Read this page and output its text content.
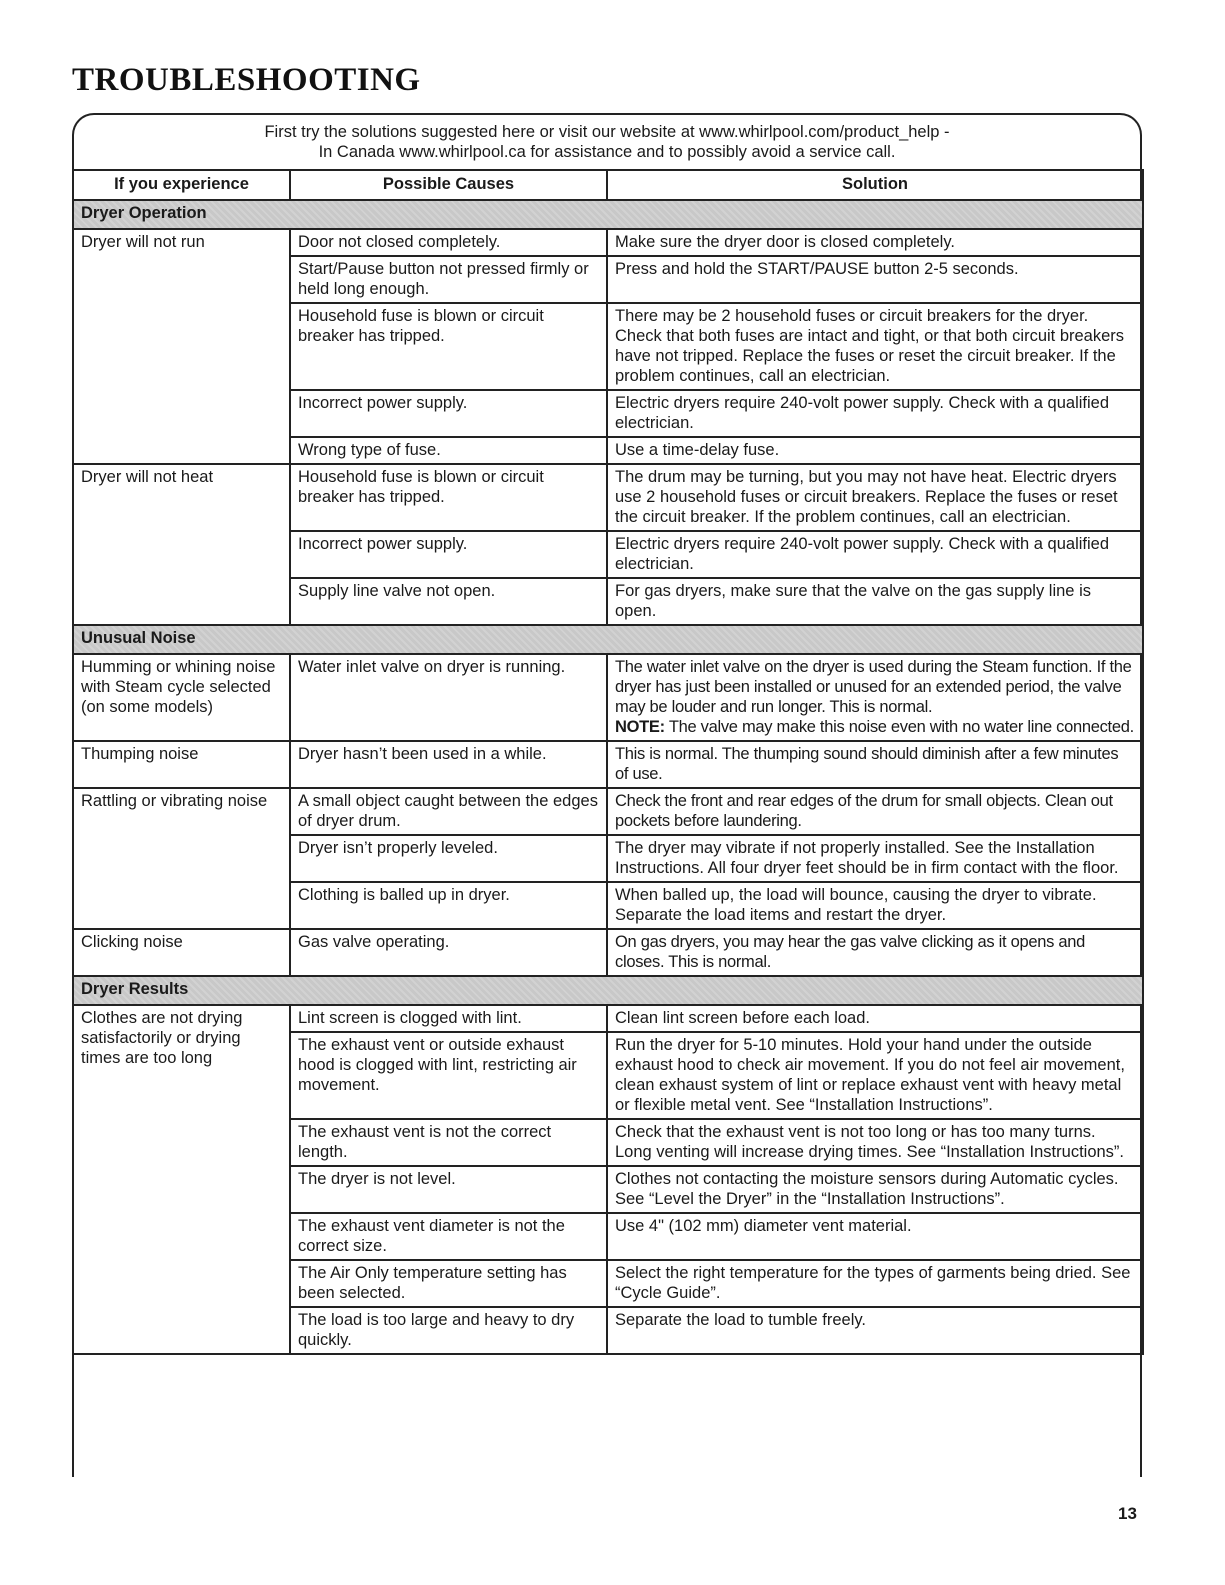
TROUBLESHOOTING
First try the solutions suggested here or visit our website at www.whirlpool.com/product_help -
In Canada www.whirlpool.ca for assistance and to possibly avoid a service call.
If you experience	Possible Causes	Solution
Dryer Operation		
Dryer will not run	Door not closed completely.	Make sure the dryer door is closed completely.
	Start/Pause button not pressed firmly or held long enough.	Press and hold the START/PAUSE button 2-5 seconds.
	Household fuse is blown or circuit breaker has tripped.	There may be 2 household fuses or circuit breakers for the dryer. Check that both fuses are intact and tight, or that both circuit breakers have not tripped. Replace the fuses or reset the circuit breaker. If the problem continues, call an electrician.
	Incorrect power supply.	Electric dryers require 240-volt power supply. Check with a qualified electrician.
	Wrong type of fuse.	Use a time-delay fuse.
Dryer will not heat	Household fuse is blown or circuit breaker has tripped.	The drum may be turning, but you may not have heat. Electric dryers use 2 household fuses or circuit breakers. Replace the fuses or reset the circuit breaker. If the problem continues, call an electrician.
	Incorrect power supply.	Electric dryers require 240-volt power supply. Check with a qualified electrician.
	Supply line valve not open.	For gas dryers, make sure that the valve on the gas supply line is open.
Unusual Noise		
Humming or whining noise with Steam cycle selected (on some models)	Water inlet valve on dryer is running.	The water inlet valve on the dryer is used during the Steam function. If the dryer has just been installed or unused for an extended period, the valve may be louder and run longer. This is normal.
NOTE: The valve may make this noise even with no water line connected.
Thumping noise	Dryer hasn’t been used in a while.	This is normal. The thumping sound should diminish after a few minutes of use.
Rattling or vibrating noise	A small object caught between the edges of dryer drum.	Check the front and rear edges of the drum for small objects. Clean out pockets before laundering.
	Dryer isn’t properly leveled.	The dryer may vibrate if not properly installed. See the Installation Instructions. All four dryer feet should be in firm contact with the floor.
	Clothing is balled up in dryer.	When balled up, the load will bounce, causing the dryer to vibrate. Separate the load items and restart the dryer.
Clicking noise	Gas valve operating.	On gas dryers, you may hear the gas valve clicking as it opens and closes. This is normal.
Dryer Results		
Clothes are not drying satisfactorily or drying times are too long	Lint screen is clogged with lint.	Clean lint screen before each load.
	The exhaust vent or outside exhaust hood is clogged with lint, restricting air movement.	Run the dryer for 5-10 minutes. Hold your hand under the outside exhaust hood to check air movement. If you do not feel air movement, clean exhaust system of lint or replace exhaust vent with heavy metal or flexible metal vent. See “Installation Instructions”.
	The exhaust vent is not the correct length.	Check that the exhaust vent is not too long or has too many turns. Long venting will increase drying times. See “Installation Instructions”.
	The dryer is not level.	Clothes not contacting the moisture sensors during Automatic cycles. See “Level the Dryer” in the “Installation Instructions”.
	The exhaust vent diameter is not the correct size.	Use 4" (102 mm) diameter vent material.
	The Air Only temperature setting has been selected.	Select the right temperature for the types of garments being dried. See “Cycle Guide”.
	The load is too large and heavy to dry quickly.	Separate the load to tumble freely.
13
